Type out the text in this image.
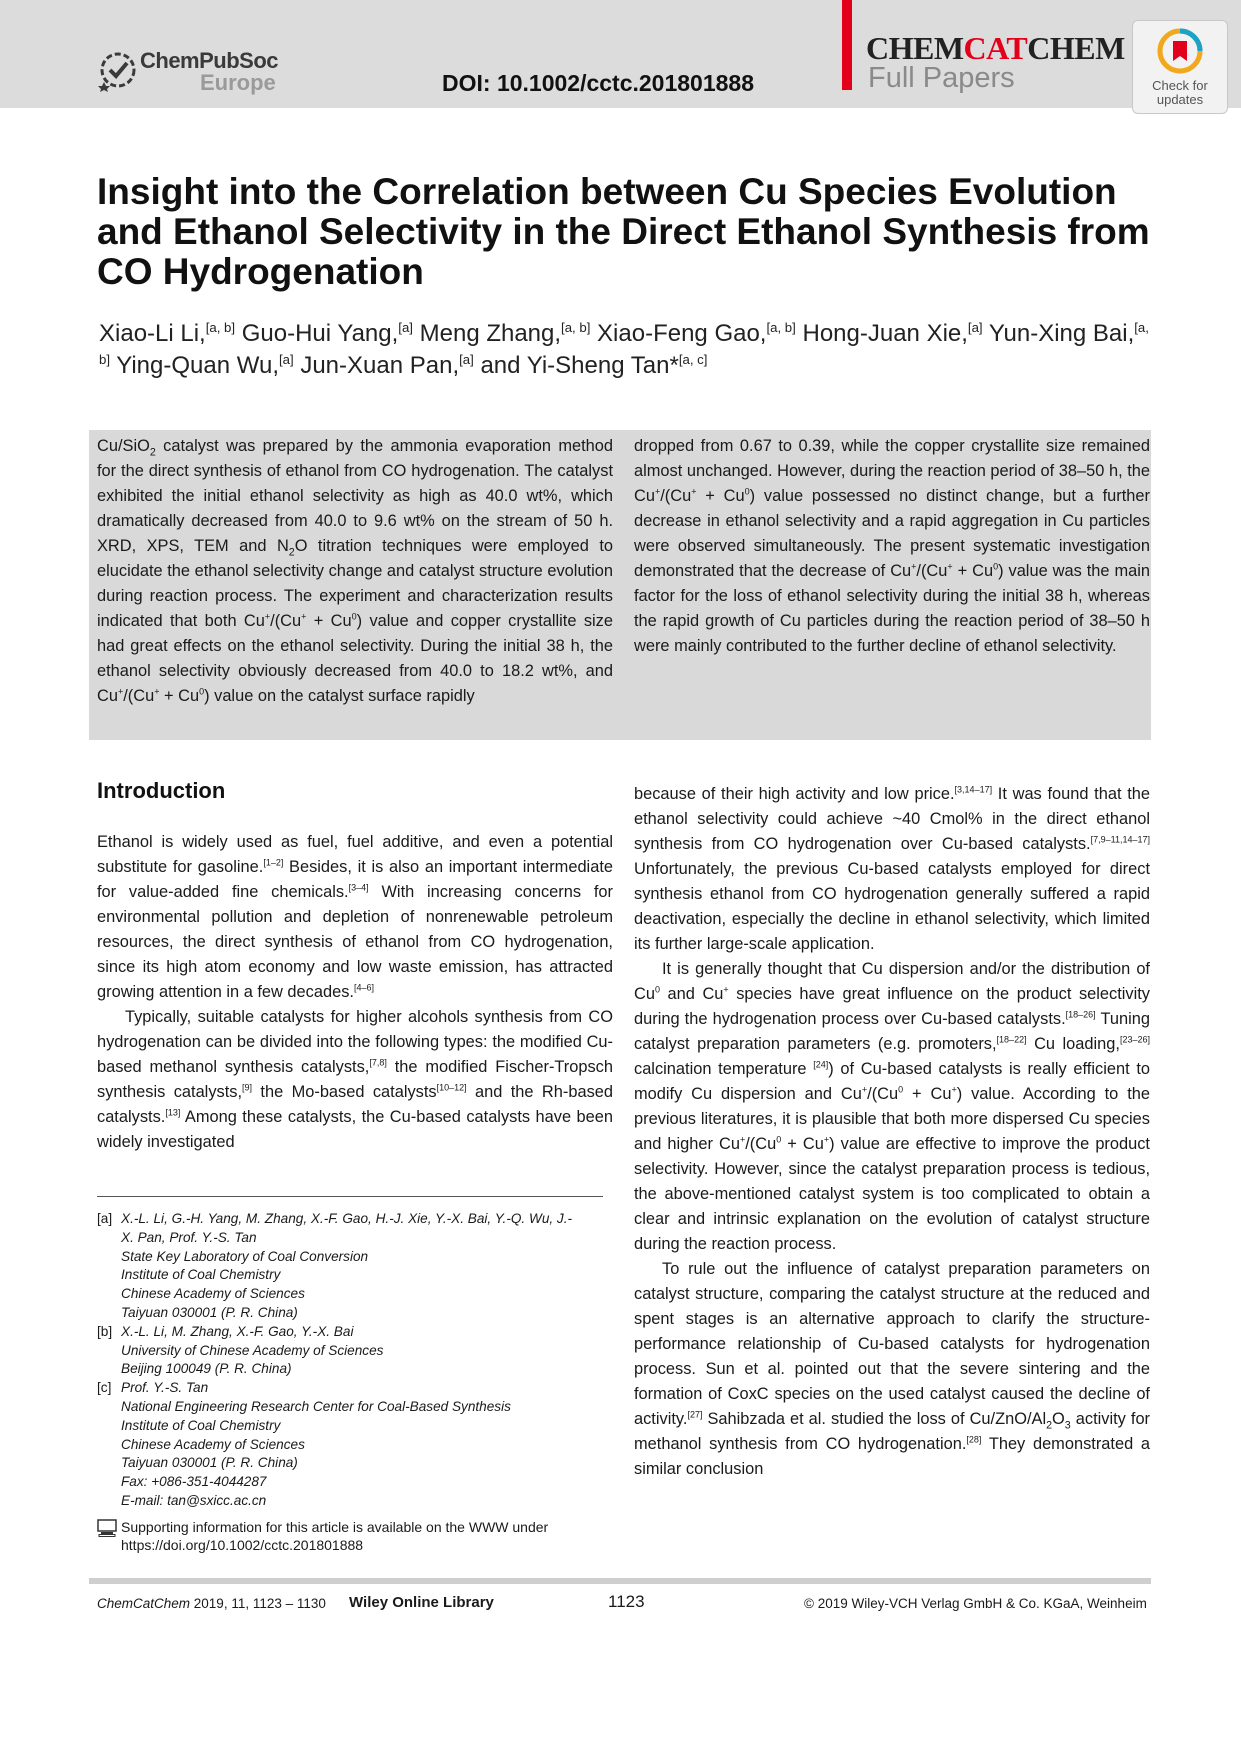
ChemPubSoc
Europe	DOI: 10.1002/cctc.201801888
CHEMCATCHEM
Full Papers	Check for
updates
Insight into the Correlation between Cu Species Evolution and Ethanol Selectivity in the Direct Ethanol Synthesis from CO Hydrogenation
Xiao-Li Li,[a, b] Guo-Hui Yang,[a] Meng Zhang,[a, b] Xiao-Feng Gao,[a, b] Hong-Juan Xie,[a] Yun-Xing Bai,[a, b] Ying-Quan Wu,[a] Jun-Xuan Pan,[a] and Yi-Sheng Tan*[a, c]
Cu/SiO$_2$ catalyst was prepared by the ammonia evaporation method for the direct synthesis of ethanol from CO hydrogenation. The catalyst exhibited the initial ethanol selectivity as high as 40.0 wt%, which dramatically decreased from 40.0 to 9.6 wt% on the stream of 50 h. XRD, XPS, TEM and $N_2O$ titration techniques were employed to elucidate the ethanol selectivity change and catalyst structure evolution during reaction process. The experiment and characterization results indicated that both $Cu^+/(Cu^+ + Cu^0)$ value and copper crystallite size had great effects on the ethanol selectivity. During the initial 38 h, the ethanol selectivity obviously decreased from 40.0 to 18.2 wt%, and $Cu^+/(Cu^+ + Cu^0)$ value on the catalyst surface rapidly
dropped from 0.67 to 0.39, while the copper crystallite size remained almost unchanged. However, during the reaction period of 38–50 h, the $Cu^+/(Cu^+ + Cu^0)$ value possessed no distinct change, but a further decrease in ethanol selectivity and a rapid aggregation in Cu particles were observed simultaneously. The present systematic investigation demonstrated that the decrease of $Cu^+/(Cu^+ + Cu^0)$ value was the main factor for the loss of ethanol selectivity during the initial 38 h, whereas the rapid growth of Cu particles during the reaction period of 38–50 h were mainly contributed to the further decline of ethanol selectivity.
Introduction

Ethanol is widely used as fuel, fuel additive, and even a potential substitute for gasoline.[1–2] Besides, it is also an important intermediate for value-added fine chemicals.[3–4] With increasing concerns for environmental pollution and depletion of nonrenewable petroleum resources, the direct synthesis of ethanol from CO hydrogenation, since its high atom economy and low waste emission, has attracted growing attention in a few decades.[4–6]

Typically, suitable catalysts for higher alcohols synthesis from CO hydrogenation can be divided into the following types: the modified Cu-based methanol synthesis catalysts,[7,8] the modified Fischer-Tropsch synthesis catalysts,[9] the Mo-based catalysts[10–12] and the Rh-based catalysts.[13] Among these catalysts, the Cu-based catalysts have been widely investigated

because of their high activity and low price.[3,14–17] It was found that the ethanol selectivity could achieve ~40 Cmol% in the direct ethanol synthesis from CO hydrogenation over Cu-based catalysts.[7,9–11,14–17] Unfortunately, the previous Cu-based catalysts employed for direct synthesis ethanol from CO hydrogenation generally suffered a rapid deactivation, especially the decline in ethanol selectivity, which limited its further large-scale application.

It is generally thought that Cu dispersion and/or the distribution of Cu$^0$ and Cu+ species have great influence on the product selectivity during the hydrogenation process over Cu-based catalysts.[18–26] Tuning catalyst preparation parameters (e.g. promoters,[18–22] Cu loading,[23–26] calcination temperature [24]) of Cu-based catalysts is really efficient to modify Cu dispersion and $Cu^+/(Cu^0 + Cu^+)$ value. According to the previous literatures, it is plausible that both more dispersed Cu species and higher $Cu^+/(Cu^0 + Cu^+)$ value are effective to improve the product selectivity. However, since the catalyst preparation process is tedious, the above-mentioned catalyst system is too complicated to obtain a clear and intrinsic explanation on the evolution of catalyst structure during the reaction process.

To rule out the influence of catalyst preparation parameters on catalyst structure, comparing the catalyst structure at the reduced and spent stages is an alternative approach to clarify the structure-performance relationship of Cu-based catalysts for hydrogenation process. Sun et al. pointed out that the severe sintering and the formation of CoxC species on the used catalyst caused the decline of activity.[27] Sahibzada et al. studied the loss of $Cu/ZnO/Al_2O_3$ activity for methanol synthesis from CO hydrogenation.[28] They demonstrated a similar conclusion

[a] X.-L. Li, G.-H. Yang, M. Zhang, X.-F. Gao, H.-J. Xie, Y.-X. Bai, Y.-Q. Wu, J.-
X. Pan, Prof. Y.-S. Tan
State Key Laboratory of Coal Conversion
Institute of Coal Chemistry
Chinese Academy of Sciences
Taiyuan 030001 (P. R. China)
[b] X.-L. Li, M. Zhang, X.-F. Gao, Y.-X. Bai
University of Chinese Academy of Sciences
Beijing 100049 (P. R. China)
[c] Prof. Y.-S. Tan
National Engineering Research Center for Coal-Based Synthesis
Institute of Coal Chemistry
Chinese Academy of Sciences
Taiyuan 030001 (P. R. China)
Fax: +086-351-4044287
E-mail: tan@sxicc.ac.cn
Supporting information for this article is available on the WWW under https://doi.org/10.1002/cctc.201801888
ChemCatChem 2019, 11, 1123 – 1130 Wiley Online Library	1123	© 2019 Wiley-VCH Verlag GmbH & Co. KGaA, Weinheim
